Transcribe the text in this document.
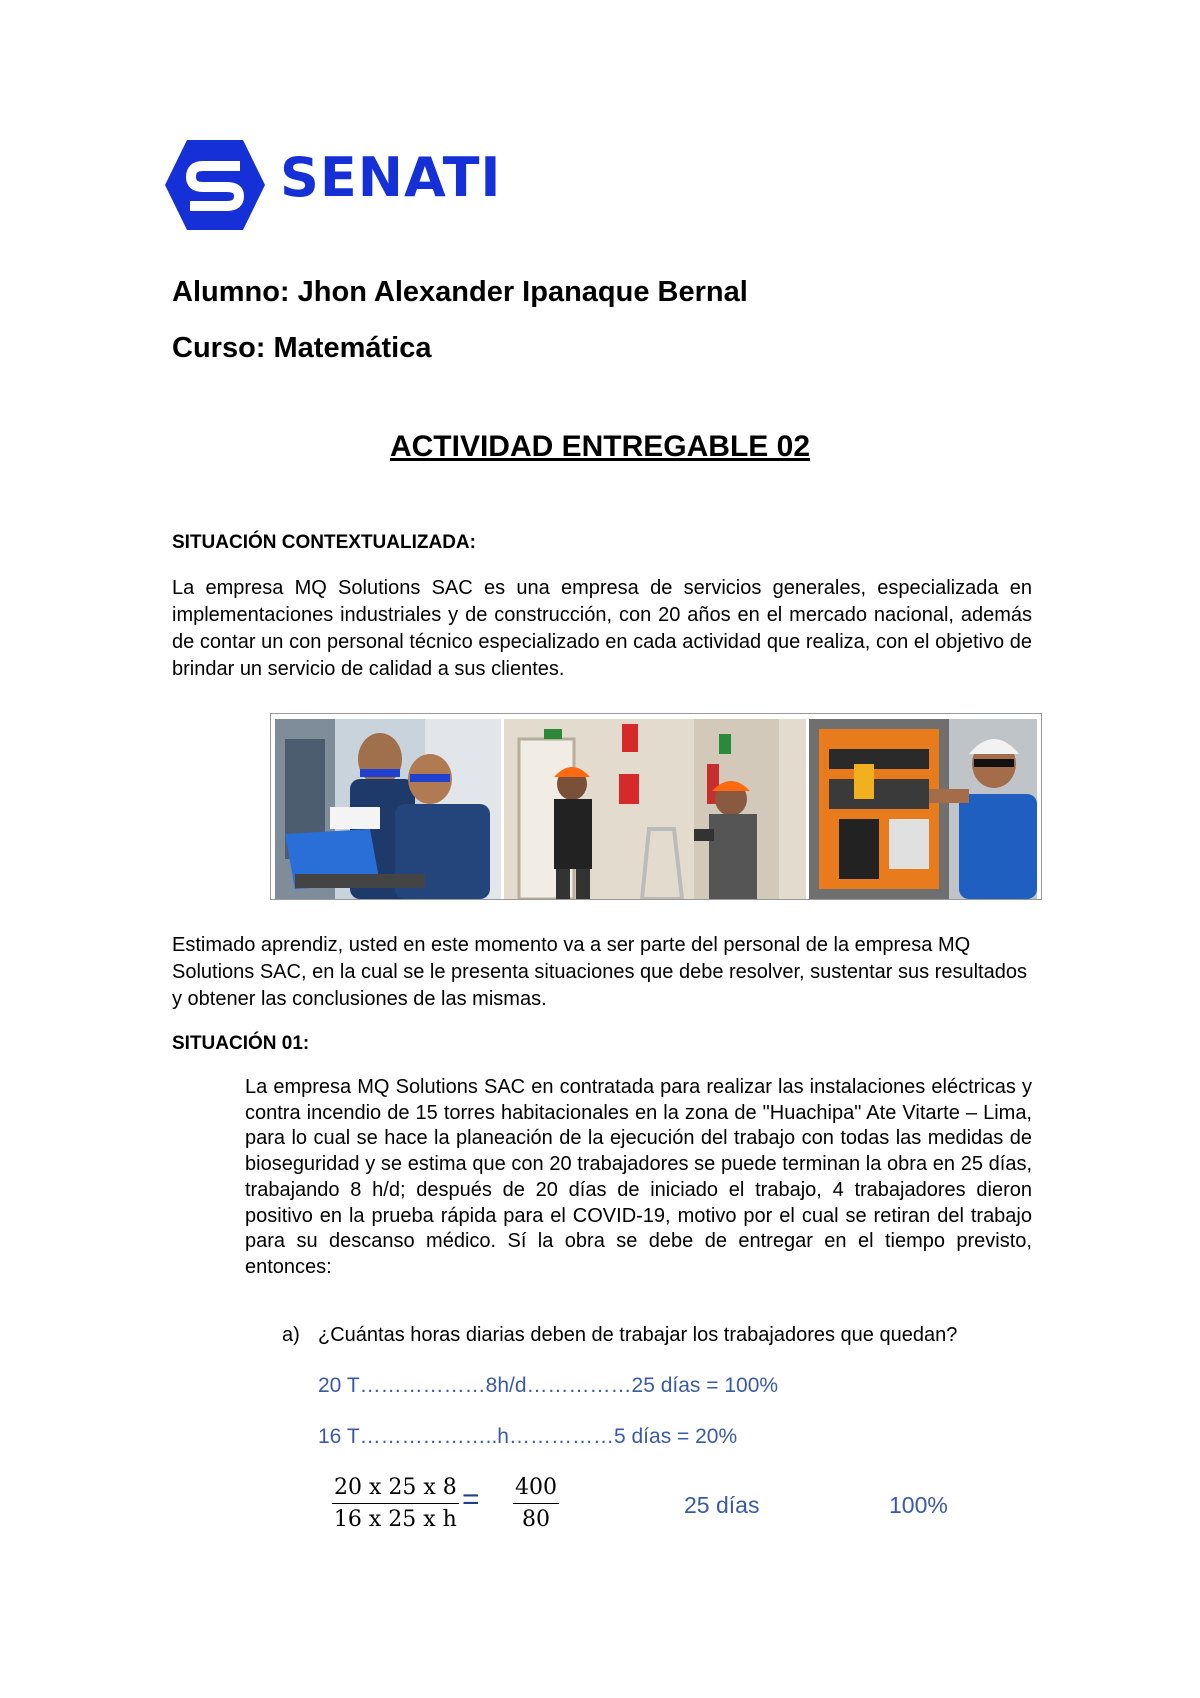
SENATI
Alumno: Jhon Alexander Ipanaque Bernal
Curso: Matemática
ACTIVIDAD ENTREGABLE 02
SITUACIÓN CONTEXTUALIZADA:
La empresa MQ Solutions SAC es una empresa de servicios generales, especializada en implementaciones industriales y de construcción, con 20 años en el mercado nacional, además de contar un con personal técnico especializado en cada actividad que realiza, con el objetivo de brindar un servicio de calidad a sus clientes.
Estimado aprendiz, usted en este momento va a ser parte del personal de la empresa MQ Solutions SAC, en la cual se le presenta situaciones que debe resolver, sustentar sus resultados y obtener las conclusiones de las mismas.
SITUACIÓN 01:
La empresa MQ Solutions SAC en contratada para realizar las instalaciones eléctricas y contra incendio de 15 torres habitacionales en la zona de "Huachipa" Ate Vitarte – Lima, para lo cual se hace la planeación de la ejecución del trabajo con todas las medidas de bioseguridad y se estima que con 20 trabajadores se puede terminan la obra en 25 días, trabajando 8 h/d; después de 20 días de iniciado el trabajo, 4 trabajadores dieron positivo en la prueba rápida para el COVID-19, motivo por el cual se retiran del trabajo para su descanso médico. Sí la obra se debe de entregar en el tiempo previsto, entonces:
a) ¿Cuántas horas diarias deben de trabajar los trabajadores que quedan?
20 T………………8h/d……………25 días = 100%
16 T………………..h……………5 días = 20%
$\frac{20 x 25 x 8}{\text{16 x 25 x h}} = \frac{400}{80}$	25 días	100%
